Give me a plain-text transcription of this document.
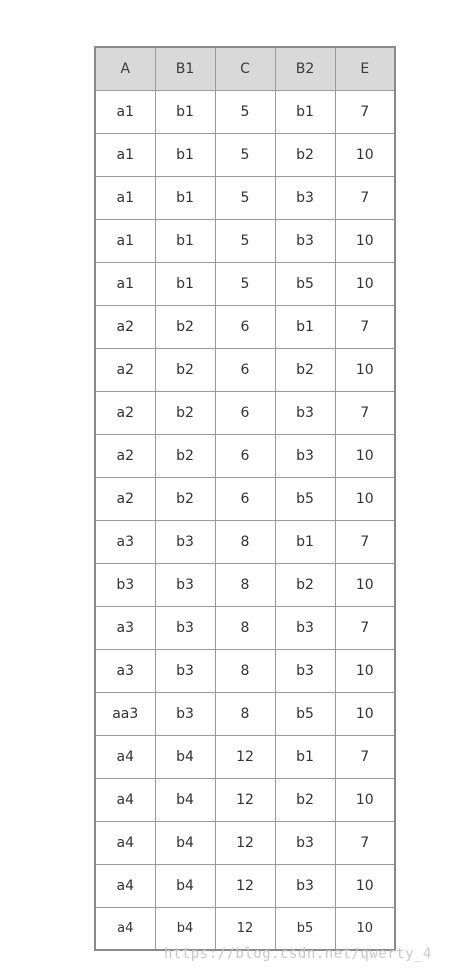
A	B1	C	B2	E
a1	b1	5	b1	7
a1	b1	5	b2	10
a1	b1	5	b3	7
a1	b1	5	b3	10
a1	b1	5	b5	10
a2	b2	6	b1	7
a2	b2	6	b2	10
a2	b2	6	b3	7
a2	b2	6	b3	10
a2	b2	6	b5	10
a3	b3	8	b1	7
b3	b3	8	b2	10
a3	b3	8	b3	7
a3	b3	8	b3	10
aa3	b3	8	b5	10
a4	b4	12	b1	7
a4	b4	12	b2	10
a4	b4	12	b3	7
a4	b4	12	b3	10
a4	b4	12	b5	10
https://blog.csdn.net/qwerty_4
